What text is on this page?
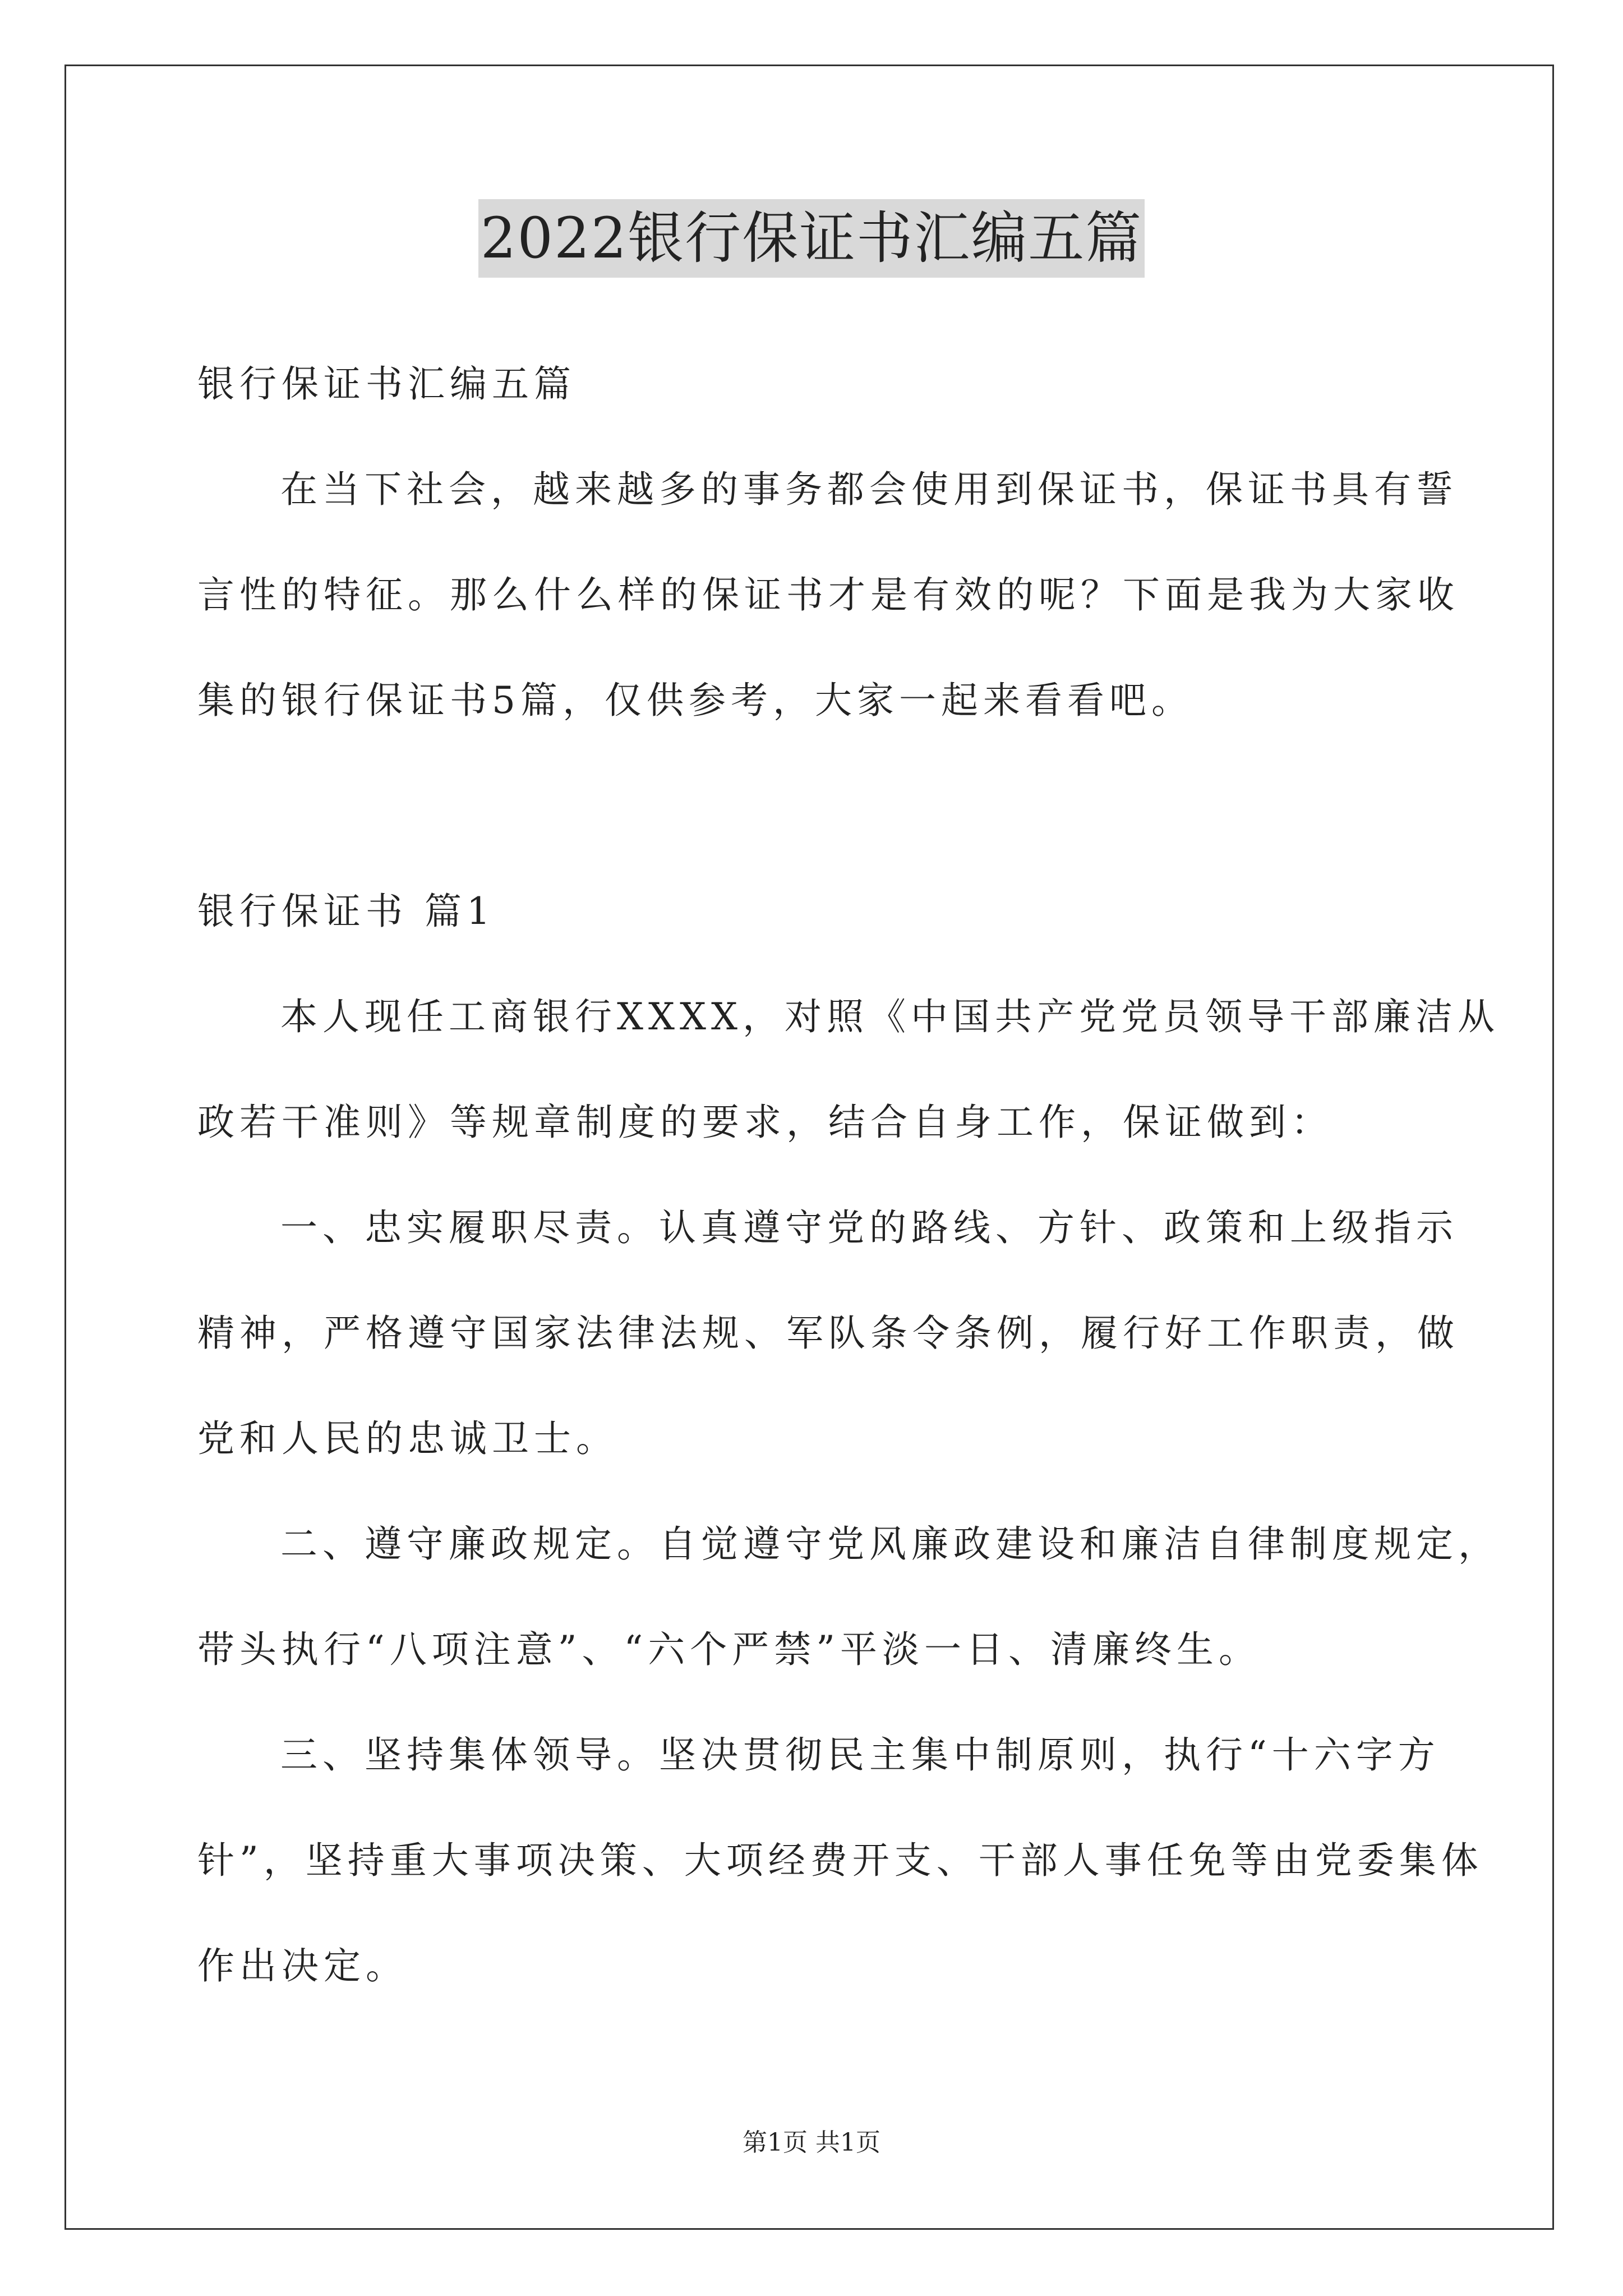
2022银行保证书汇编五篇
银行保证书汇编五篇
在当下社会，越来越多的事务都会使用到保证书，保证书具有誓
言性的特征。那么什么样的保证书才是有效的呢？下面是我为大家收
集的银行保证书5篇，仅供参考，大家一起来看看吧。
银行保证书 篇1
本人现任工商银行XXXX，对照《中国共产党党员领导干部廉洁从
政若干准则》等规章制度的要求，结合自身工作，保证做到：
一、忠实履职尽责。认真遵守党的路线、方针、政策和上级指示
精神，严格遵守国家法律法规、军队条令条例，履行好工作职责，做
党和人民的忠诚卫士。
二、遵守廉政规定。自觉遵守党风廉政建设和廉洁自律制度规定，
带头执行“八项注意”、“六个严禁”平淡一日、清廉终生。
三、坚持集体领导。坚决贯彻民主集中制原则，执行“十六字方
针”，坚持重大事项决策、大项经费开支、干部人事任免等由党委集体
作出决定。
第1页 共1页
